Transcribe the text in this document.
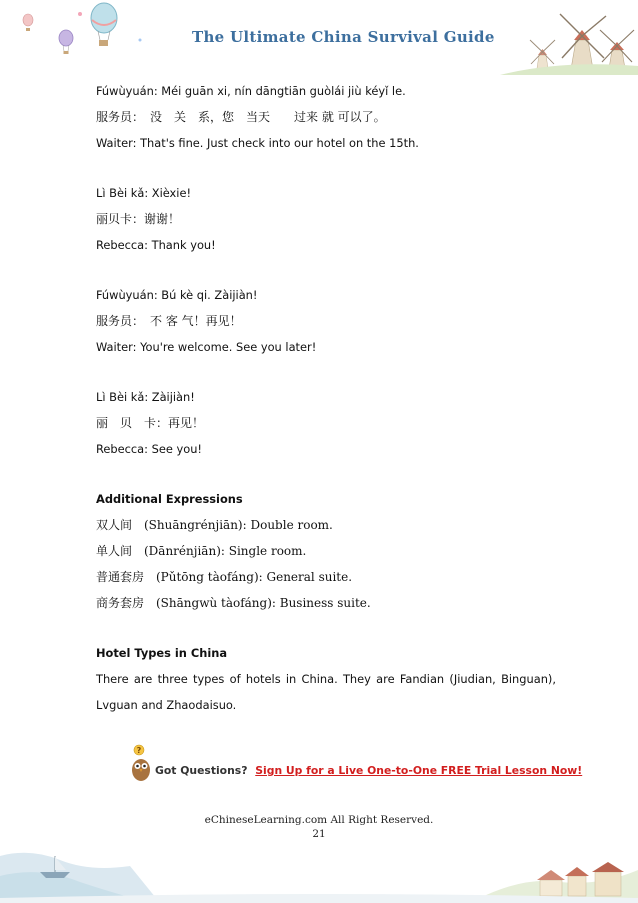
The Ultimate China Survival Guide
Fúwùyuán: Méi guān xi, nín dāngtiān guòlái jiù kéyǐ le.
服务员：　没　关　系，您　当天　　过来 就 可以了。
Waiter: That's fine. Just check into our hotel on the 15th.
Lì Bèi kǎ: Xièxie!
丽贝卡：谢谢！
Rebecca: Thank you!
Fúwùyuán: Bú kè qi. Zàijiàn!
服务员：　不 客 气！再见！
Waiter: You're welcome. See you later!
Lì Bèi kǎ: Zàijiàn!
丽　贝　卡：再见！
Rebecca: See you!
Additional Expressions
双人间　(Shuāngrénjiān): Double room.
单人间　(Dānrénjiān): Single room.
普通套房　(Pǔtōng tàofáng): General suite.
商务套房　(Shāngwù tàofáng): Business suite.
Hotel Types in China
There are three types of hotels in China. They are Fandian (Jiudian, Binguan), Lvguan and Zhaodaisuo.
?
Got Questions? Sign Up for a Live One-to-One FREE Trial Lesson Now!
eChineseLearning.com All Right Reserved.
21
